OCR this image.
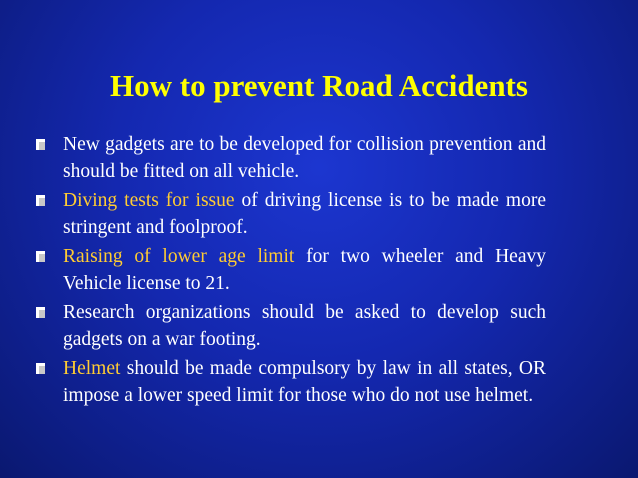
How to prevent Road Accidents
New gadgets are to be developed for collision prevention and should be fitted on all vehicle.
Diving tests for issue of driving license is to be made more stringent and foolproof.
Raising of lower age limit for two wheeler and Heavy Vehicle license to 21.
Research organizations should be asked to develop such gadgets on a war footing.
Helmet should be made compulsory by law in all states, OR impose a lower speed limit for those who do not use helmet.
